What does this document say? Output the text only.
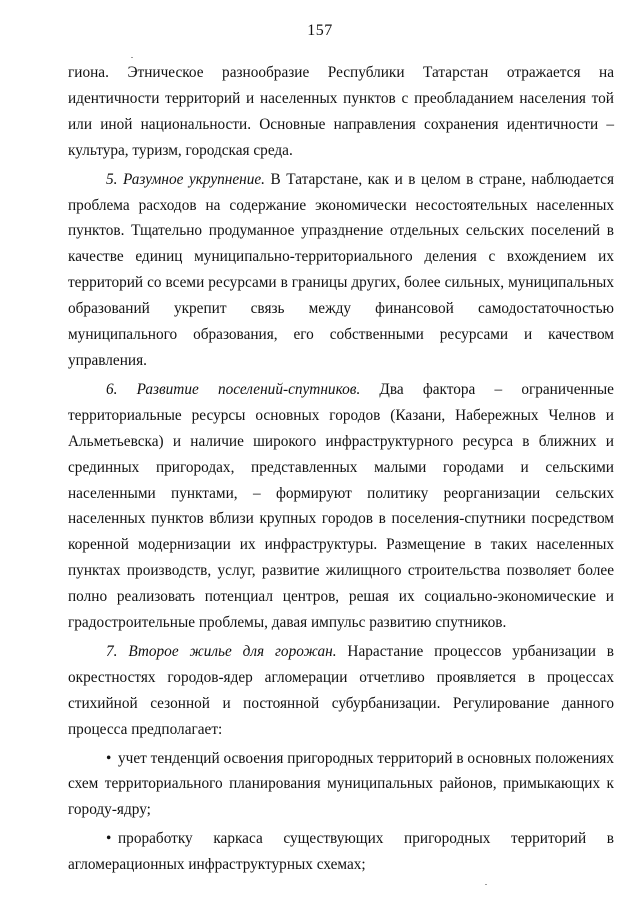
157

гиона. Этническое разнообразие Республики Татарстан отражается на идентичности территорий и населенных пунктов с преобладанием населения той или иной национальности. Основные направления сохранения идентичности – культура, туризм, городская среда.

5. Разумное укрупнение. В Татарстане, как и в целом в стране, наблюдается проблема расходов на содержание экономически несостоятельных населенных пунктов. Тщательно продуманное упразднение отдельных сельских поселений в качестве единиц муниципально-территориального деления с вхождением их территорий со всеми ресурсами в границы других, более сильных, муниципальных образований укрепит связь между финансовой самодостаточностью муниципального образования, его собственными ресурсами и качеством управления.

6. Развитие поселений-спутников. Два фактора – ограниченные территориальные ресурсы основных городов (Казани, Набережных Челнов и Альметьевска) и наличие широкого инфраструктурного ресурса в ближних и срединных пригородах, представленных малыми городами и сельскими населенными пунктами, – формируют политику реорганизации сельских населенных пунктов вблизи крупных городов в поселения-спутники посредством коренной модернизации их инфраструктуры. Размещение в таких населенных пунктах производств, услуг, развитие жилищного строительства позволяет более полно реализовать потенциал центров, решая их социально-экономические и градостроительные проблемы, давая импульс развитию спутников.

7. Второе жилье для горожан. Нарастание процессов урбанизации в окрестностях городов-ядер агломерации отчетливо проявляется в процессах стихийной сезонной и постоянной субурбанизации. Регулирование данного процесса предполагает:

• учет тенденций освоения пригородных территорий в основных положениях схем территориального планирования муниципальных районов, примыкающих к городу-ядру;

• проработку каркаса существующих пригородных территорий в агломерационных инфраструктурных схемах;
